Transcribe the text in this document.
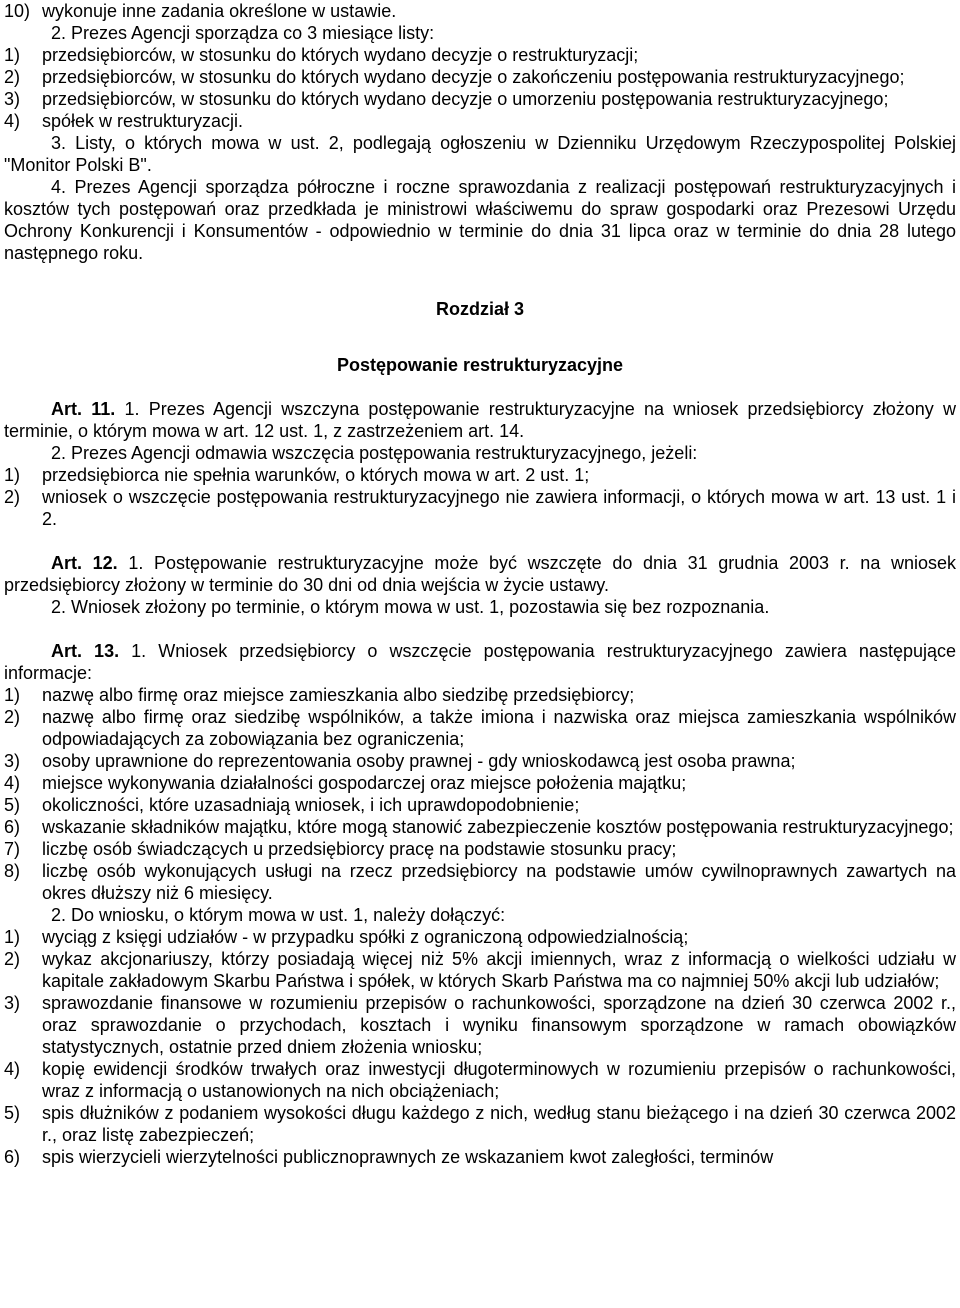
10) wykonuje inne zadania określone w ustawie.

2. Prezes Agencji sporządza co 3 miesiące listy:

1)	przedsiębiorców, w stosunku do których wydano decyzje o restrukturyzacji;
2)	przedsiębiorców, w stosunku do których wydano decyzje o zakończeniu postępowania restrukturyzacyjnego;
3)	przedsiębiorców, w stosunku do których wydano decyzje o umorzeniu postępowania restrukturyzacyjnego;
4)	spółek w restrukturyzacji.

3. Listy, o których mowa w ust. 2, podlegają ogłoszeniu w Dzienniku Urzędowym Rzeczypospolitej Polskiej "Monitor Polski B".

4. Prezes Agencji sporządza półroczne i roczne sprawozdania z realizacji postępowań restrukturyzacyjnych i kosztów tych postępowań oraz przedkłada je ministrowi właściwemu do spraw gospodarki oraz Prezesowi Urzędu Ochrony Konkurencji i Konsumentów - odpowiednio w terminie do dnia 31 lipca oraz w terminie do dnia 28 lutego następnego roku.

Rozdział 3

Postępowanie restrukturyzacyjne

Art. 11. 1. Prezes Agencji wszczyna postępowanie restrukturyzacyjne na wniosek przedsiębiorcy złożony w terminie, o którym mowa w art. 12 ust. 1, z zastrzeżeniem art. 14.

2. Prezes Agencji odmawia wszczęcia postępowania restrukturyzacyjnego, jeżeli:

1)	przedsiębiorca nie spełnia warunków, o których mowa w art. 2 ust. 1;
2)	wniosek o wszczęcie postępowania restrukturyzacyjnego nie zawiera informacji, o których mowa w art. 13 ust. 1 i 2.

Art. 12. 1. Postępowanie restrukturyzacyjne może być wszczęte do dnia 31 grudnia 2003 r. na wniosek przedsiębiorcy złożony w terminie do 30 dni od dnia wejścia w życie ustawy.

2. Wniosek złożony po terminie, o którym mowa w ust. 1, pozostawia się bez rozpoznania.

Art. 13. 1. Wniosek przedsiębiorcy o wszczęcie postępowania restrukturyzacyjnego zawiera następujące informacje:

1)	nazwę albo firmę oraz miejsce zamieszkania albo siedzibę przedsiębiorcy;
2)	nazwę albo firmę oraz siedzibę wspólników, a także imiona i nazwiska oraz miejsca zamieszkania wspólników odpowiadających za zobowiązania bez ograniczenia;
3)	osoby uprawnione do reprezentowania osoby prawnej - gdy wnioskodawcą jest osoba prawna;
4)	miejsce wykonywania działalności gospodarczej oraz miejsce położenia majątku;
5)	okoliczności, które uzasadniają wniosek, i ich uprawdopodobnienie;
6)	wskazanie składników majątku, które mogą stanowić zabezpieczenie kosztów postępowania restrukturyzacyjnego;
7)	liczbę osób świadczących u przedsiębiorcy pracę na podstawie stosunku pracy;
8)	liczbę osób wykonujących usługi na rzecz przedsiębiorcy na podstawie umów cywilnoprawnych zawartych na okres dłuższy niż 6 miesięcy.

2. Do wniosku, o którym mowa w ust. 1, należy dołączyć:

1)	wyciąg z księgi udziałów - w przypadku spółki z ograniczoną odpowiedzialnością;
2)	wykaz akcjonariuszy, którzy posiadają więcej niż 5% akcji imiennych, wraz z informacją o wielkości udziału w kapitale zakładowym Skarbu Państwa i spółek, w których Skarb Państwa ma co najmniej 50% akcji lub udziałów;
3)	sprawozdanie finansowe w rozumieniu przepisów o rachunkowości, sporządzone na dzień 30 czerwca 2002 r., oraz sprawozdanie o przychodach, kosztach i wyniku finansowym sporządzone w ramach obowiązków statystycznych, ostatnie przed dniem złożenia wniosku;
4)	kopię ewidencji środków trwałych oraz inwestycji długoterminowych w rozumieniu przepisów o rachunkowości, wraz z informacją o ustanowionych na nich obciążeniach;
5)	spis dłużników z podaniem wysokości długu każdego z nich, według stanu bieżącego i na dzień 30 czerwca 2002 r., oraz listę zabezpieczeń;
6)	spis wierzycieli wierzytelności publicznoprawnych ze wskazaniem kwot zaległości, terminów
